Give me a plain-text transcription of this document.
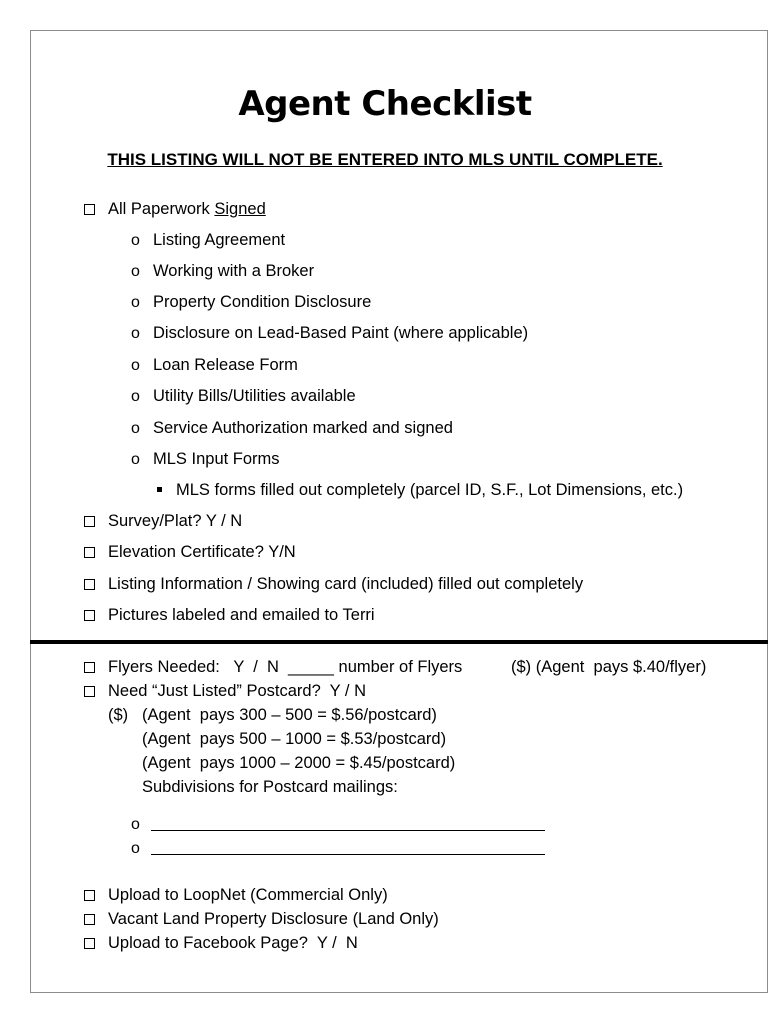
Agent Checklist
THIS LISTING WILL NOT BE ENTERED INTO MLS UNTIL COMPLETE.
All Paperwork Signed
o Listing Agreement
o Working with a Broker
o Property Condition Disclosure
o Disclosure on Lead-Based Paint (where applicable)
o Loan Release Form
o Utility Bills/Utilities available
o Service Authorization marked and signed
o MLS Input Forms
MLS forms filled out completely (parcel ID, S.F., Lot Dimensions, etc.)
Survey/Plat? Y / N
Elevation Certificate? Y/N
Listing Information / Showing card (included) filled out completely
Pictures labeled and emailed to Terri
Flyers Needed:   Y  /  N  _____ number of Flyers	($) (Agent  pays $.40/flyer)
Need “Just Listed” Postcard?  Y / N
($) (Agent  pays 300 – 500 = $.56/postcard)
(Agent  pays 500 – 1000 = $.53/postcard)
(Agent  pays 1000 – 2000 = $.45/postcard)
Subdivisions for Postcard mailings:
o
o
Upload to LoopNet (Commercial Only)
Vacant Land Property Disclosure (Land Only)
Upload to Facebook Page?  Y /  N
